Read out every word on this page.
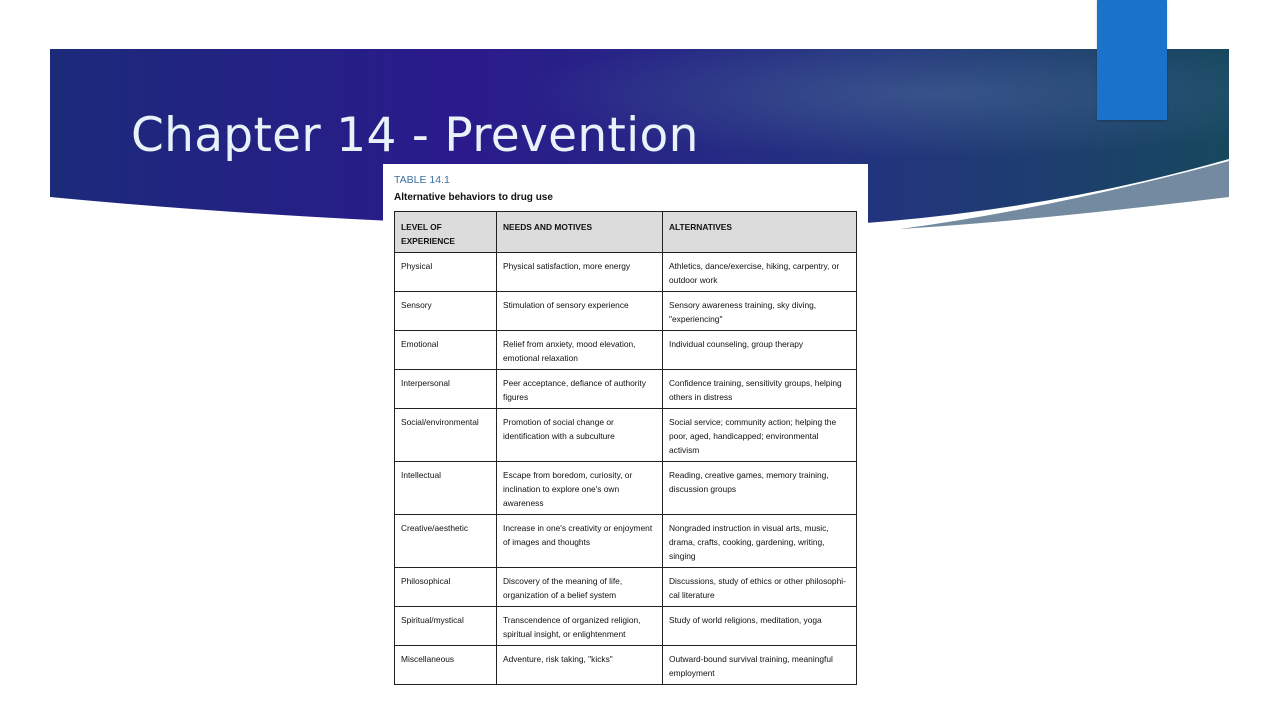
Chapter 14 - Prevention

TABLE 14.1

Alternative behaviors to drug use
LEVEL OF EXPERIENCE	NEEDS AND MOTIVES	ALTERNATIVES
Physical	Physical satisfaction, more energy	Athletics, dance/exercise, hiking, carpentry, or outdoor work
Sensory	Stimulation of sensory experience	Sensory awareness training, sky diving, "experiencing"
Emotional	Relief from anxiety, mood elevation, emotional relaxation	Individual counseling, group therapy
Interpersonal	Peer acceptance, defiance of authority figures	Confidence training, sensitivity groups, helping others in distress
Social/environmental	Promotion of social change or identification with a subculture	Social service; community action; helping the poor, aged, handicapped; environmental activism
Intellectual	Escape from boredom, curiosity, or inclination to explore one's own awareness	Reading, creative games, memory training, discussion groups
Creative/aesthetic	Increase in one's creativity or enjoyment of images and thoughts	Nongraded instruction in visual arts, music, drama, crafts, cooking, gardening, writing, singing
Philosophical	Discovery of the meaning of life, organization of a belief system	Discussions, study of ethics or other philosophi- cal literature
Spiritual/mystical	Transcendence of organized religion, spiritual insight, or enlightenment	Study of world religions, meditation, yoga
Miscellaneous	Adventure, risk taking, "kicks"	Outward-bound survival training, meaningful employment
